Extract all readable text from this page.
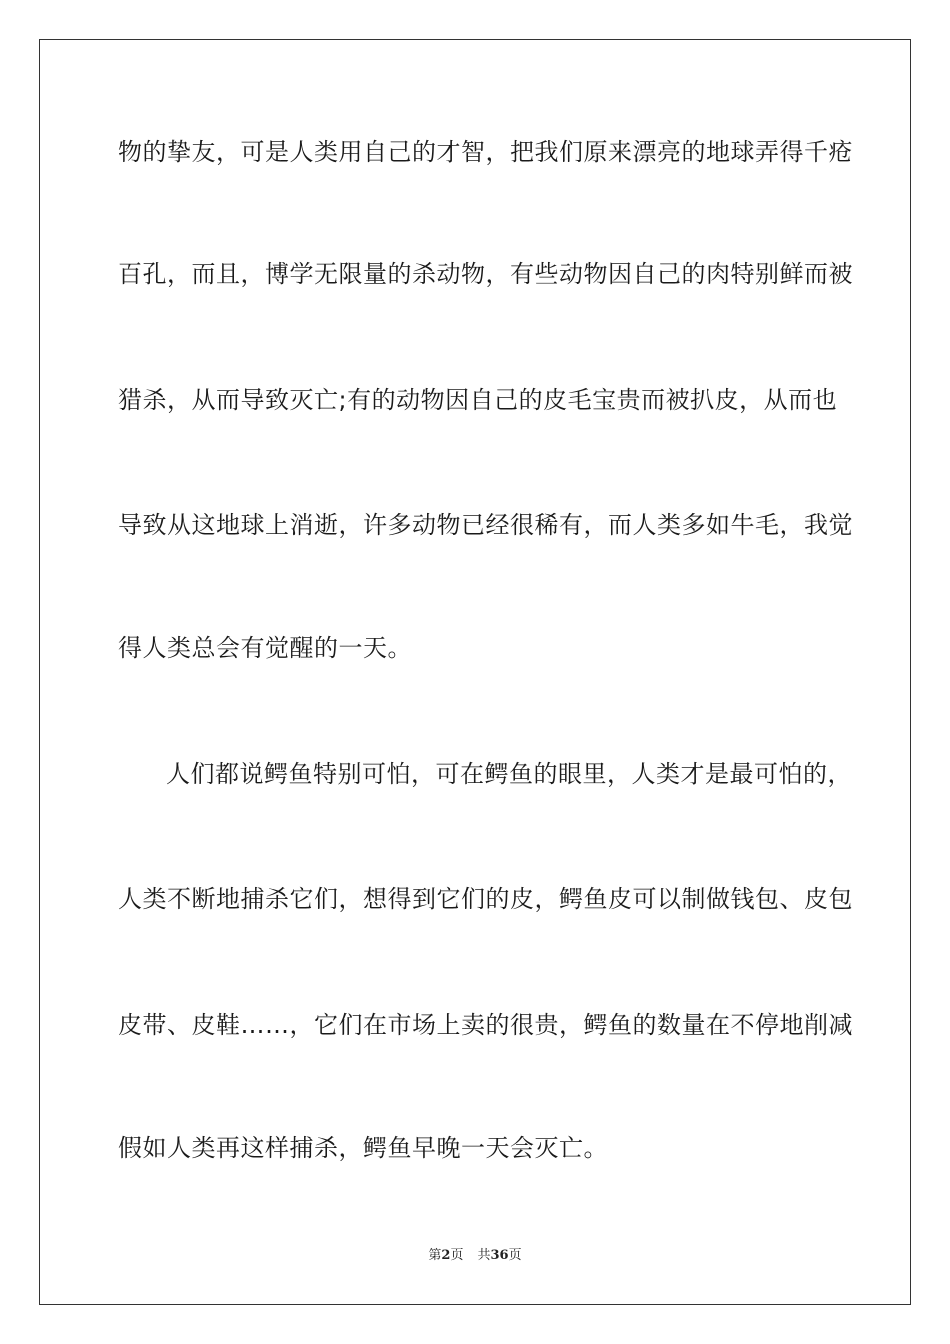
物的挚友，可是人类用自己的才智，把我们原来漂亮的地球弄得千疮
百孔，而且，博学无限量的杀动物，有些动物因自己的肉特别鲜而被
猎杀，从而导致灭亡;有的动物因自己的皮毛宝贵而被扒皮，从而也
导致从这地球上消逝，许多动物已经很稀有，而人类多如牛毛，我觉
得人类总会有觉醒的一天。
人们都说鳄鱼特别可怕，可在鳄鱼的眼里，人类才是最可怕的，
人类不断地捕杀它们，想得到它们的皮，鳄鱼皮可以制做钱包、皮包
皮带、皮鞋……，它们在市场上卖的很贵，鳄鱼的数量在不停地削减
假如人类再这样捕杀，鳄鱼早晚一天会灭亡。
第2页 共36页
